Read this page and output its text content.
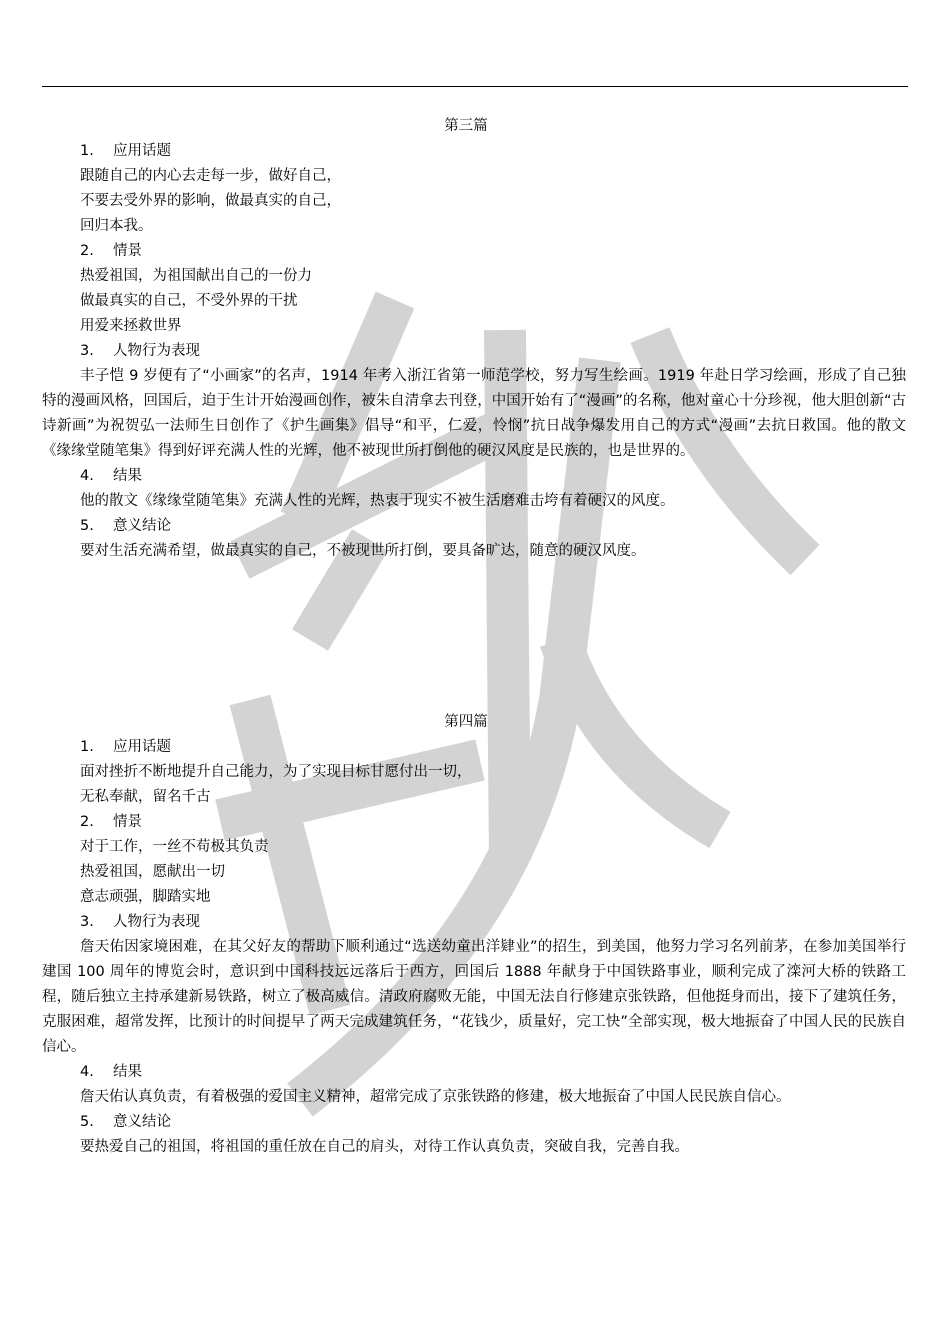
第三篇
1. 应用话题
跟随自己的内心去走每一步，做好自己，
不要去受外界的影响，做最真实的自己，
回归本我。
2. 情景
热爱祖国，为祖国献出自己的一份力
做最真实的自己，不受外界的干扰
用爱来拯救世界
3. 人物行为表现
丰子恺 9 岁便有了“小画家”的名声，1914 年考入浙江省第一师范学校，努力写生绘画。1919 年赴日学习绘画，形成了自己独特的漫画风格，回国后，迫于生计开始漫画创作，被朱自清拿去刊登，中国开始有了“漫画”的名称，他对童心十分珍视，他大胆创新“古诗新画”为祝贺弘一法师生日创作了《护生画集》倡导“和平，仁爱，怜悯”抗日战争爆发用自己的方式“漫画”去抗日救国。他的散文《缘缘堂随笔集》得到好评充满人性的光辉，他不被现世所打倒他的硬汉风度是民族的，也是世界的。
4. 结果
他的散文《缘缘堂随笔集》充满人性的光辉，热衷于现实不被生活磨难击垮有着硬汉的风度。
5. 意义结论
要对生活充满希望，做最真实的自己，不被现世所打倒，要具备旷达，随意的硬汉风度。
第四篇
1. 应用话题
面对挫折不断地提升自己能力，为了实现目标甘愿付出一切，
无私奉献，留名千古
2. 情景
对于工作，一丝不苟极其负责
热爱祖国，愿献出一切
意志顽强，脚踏实地
3. 人物行为表现
詹天佑因家境困难，在其父好友的帮助下顺利通过“选送幼童出洋肄业”的招生，到美国，他努力学习名列前茅，在参加美国举行建国 100 周年的博览会时，意识到中国科技远远落后于西方，回国后 1888 年献身于中国铁路事业，顺利完成了滦河大桥的铁路工程，随后独立主持承建新易铁路，树立了极高威信。清政府腐败无能，中国无法自行修建京张铁路，但他挺身而出，接下了建筑任务，克服困难，超常发挥，比预计的时间提早了两天完成建筑任务，“花钱少，质量好，完工快”全部实现，极大地振奋了中国人民的民族自信心。
4. 结果
詹天佑认真负责，有着极强的爱国主义精神，超常完成了京张铁路的修建，极大地振奋了中国人民民族自信心。
5. 意义结论
要热爱自己的祖国，将祖国的重任放在自己的肩头，对待工作认真负责，突破自我，完善自我。
